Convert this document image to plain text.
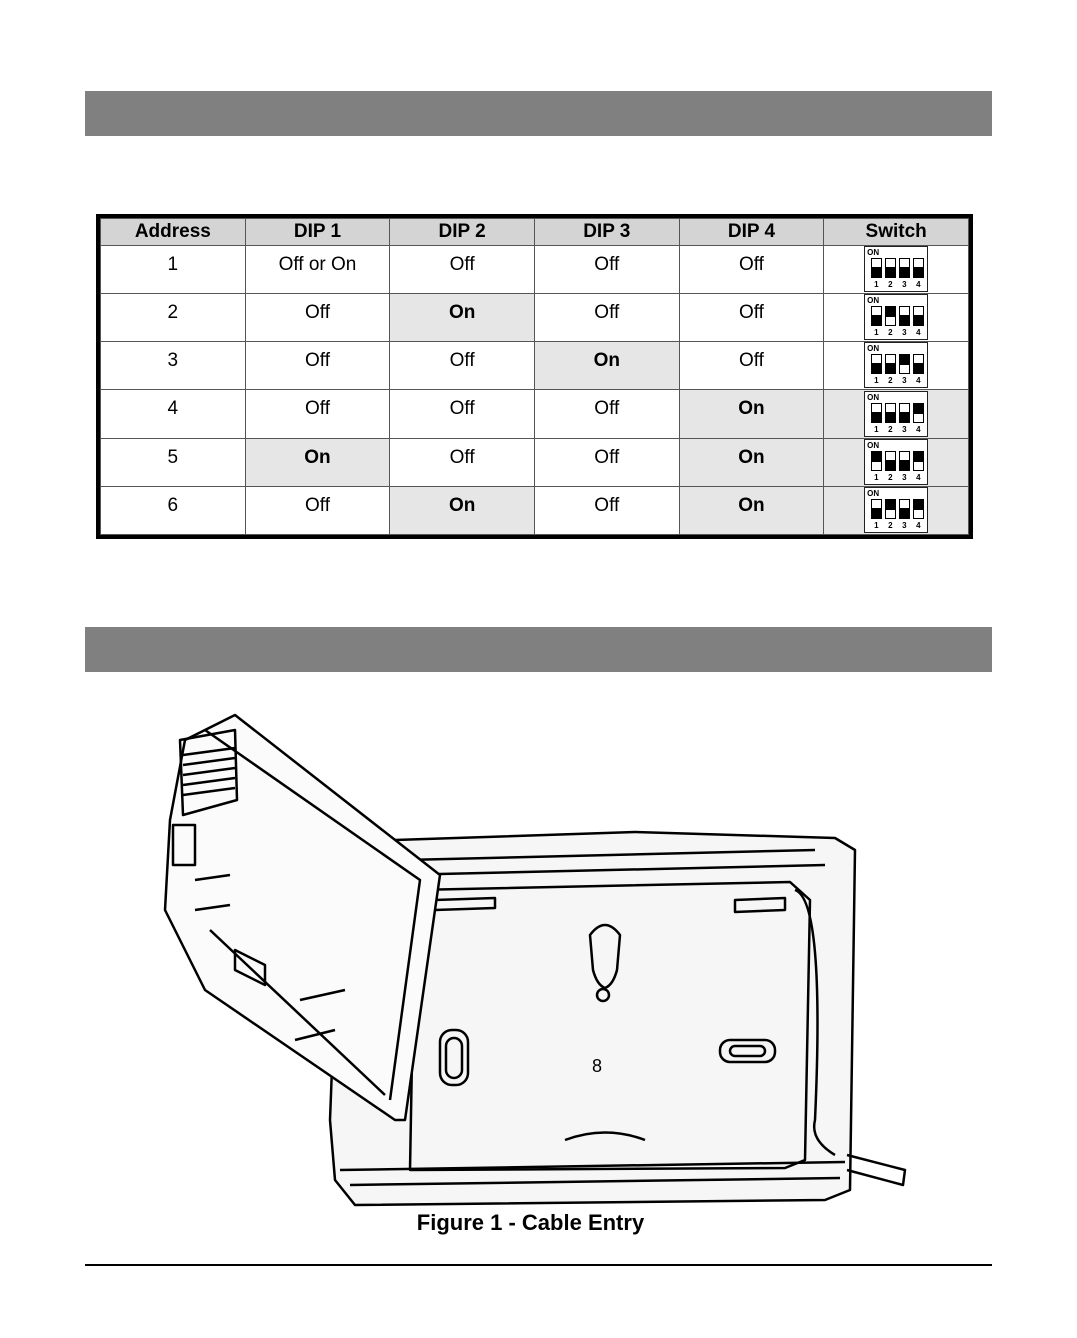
Address	DIP 1	DIP 2	DIP 3	DIP 4	Switch
1	Off or On	Off	Off	Off	ON
1 2 3 4

2	Off	On	Off	Off	ON
1 2 3 4

3	Off	Off	On	Off	ON
1 2 3 4

4	Off	Off	Off	On	ON
1 2 3 4

5	On	Off	Off	On	ON
1 2 3 4

6	Off	On	Off	On	ON
1 2 3 4
8
Figure 1 - Cable Entry
